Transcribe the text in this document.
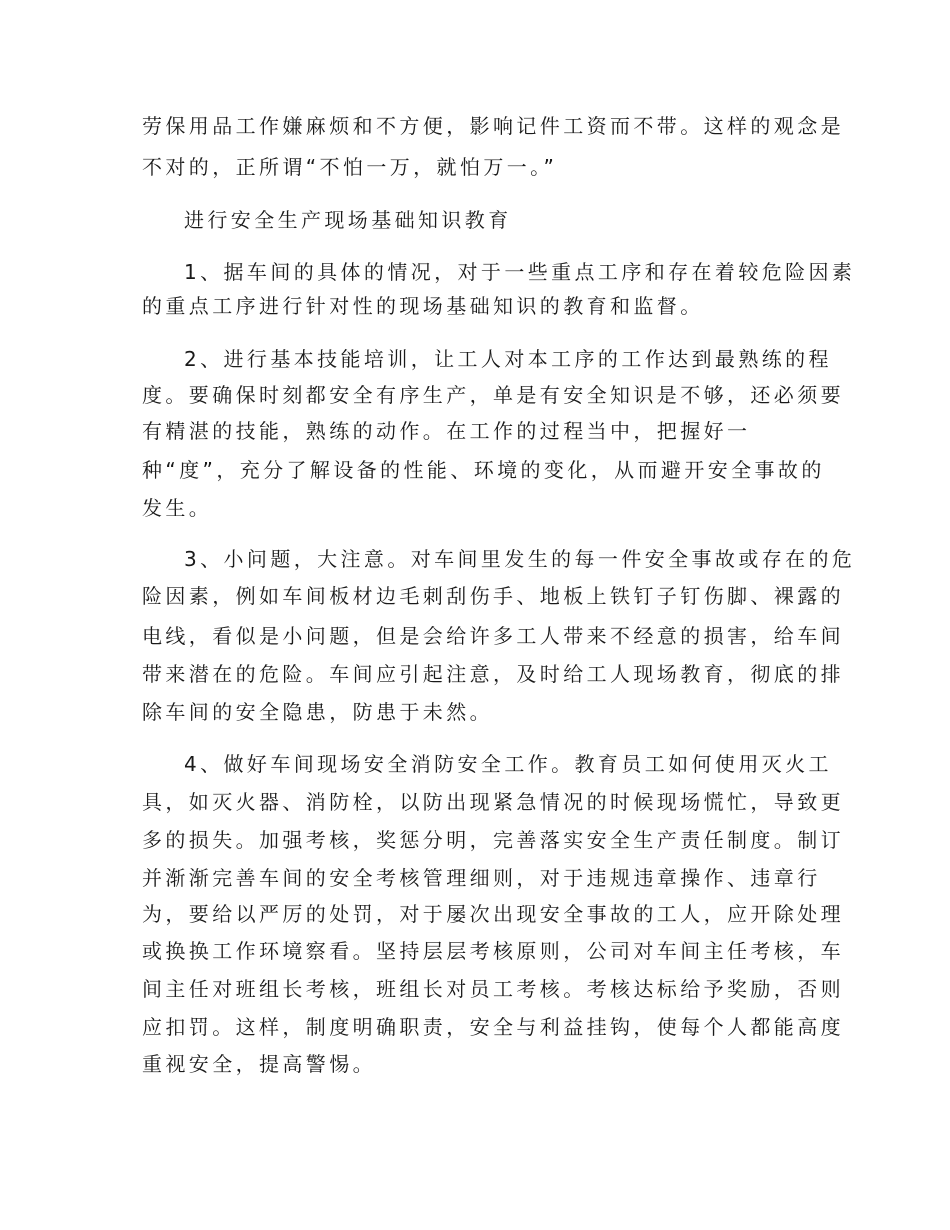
劳保用品工作嫌麻烦和不方便，影响记件工资而不带。这样的观念是
不对的，正所谓“不怕一万，就怕万一。”
进行安全生产现场基础知识教育
1、据车间的具体的情况，对于一些重点工序和存在着较危险因素
的重点工序进行针对性的现场基础知识的教育和监督。
2、进行基本技能培训，让工人对本工序的工作达到最熟练的程
度。要确保时刻都安全有序生产，单是有安全知识是不够，还必须要
有精湛的技能，熟练的动作。在工作的过程当中，把握好一
种“度”，充分了解设备的性能、环境的变化，从而避开安全事故的
发生。
3、小问题，大注意。对车间里发生的每一件安全事故或存在的危
险因素，例如车间板材边毛刺刮伤手、地板上铁钉子钉伤脚、裸露的
电线，看似是小问题，但是会给许多工人带来不经意的损害，给车间
带来潜在的危险。车间应引起注意，及时给工人现场教育，彻底的排
除车间的安全隐患，防患于未然。
4、做好车间现场安全消防安全工作。教育员工如何使用灭火工
具，如灭火器、消防栓，以防出现紧急情况的时候现场慌忙，导致更
多的损失。加强考核，奖惩分明，完善落实安全生产责任制度。制订
并渐渐完善车间的安全考核管理细则，对于违规违章操作、违章行
为，要给以严厉的处罚，对于屡次出现安全事故的工人，应开除处理
或换换工作环境察看。坚持层层考核原则，公司对车间主任考核，车
间主任对班组长考核，班组长对员工考核。考核达标给予奖励，否则
应扣罚。这样，制度明确职责，安全与利益挂钩，使每个人都能高度
重视安全，提高警惕。
